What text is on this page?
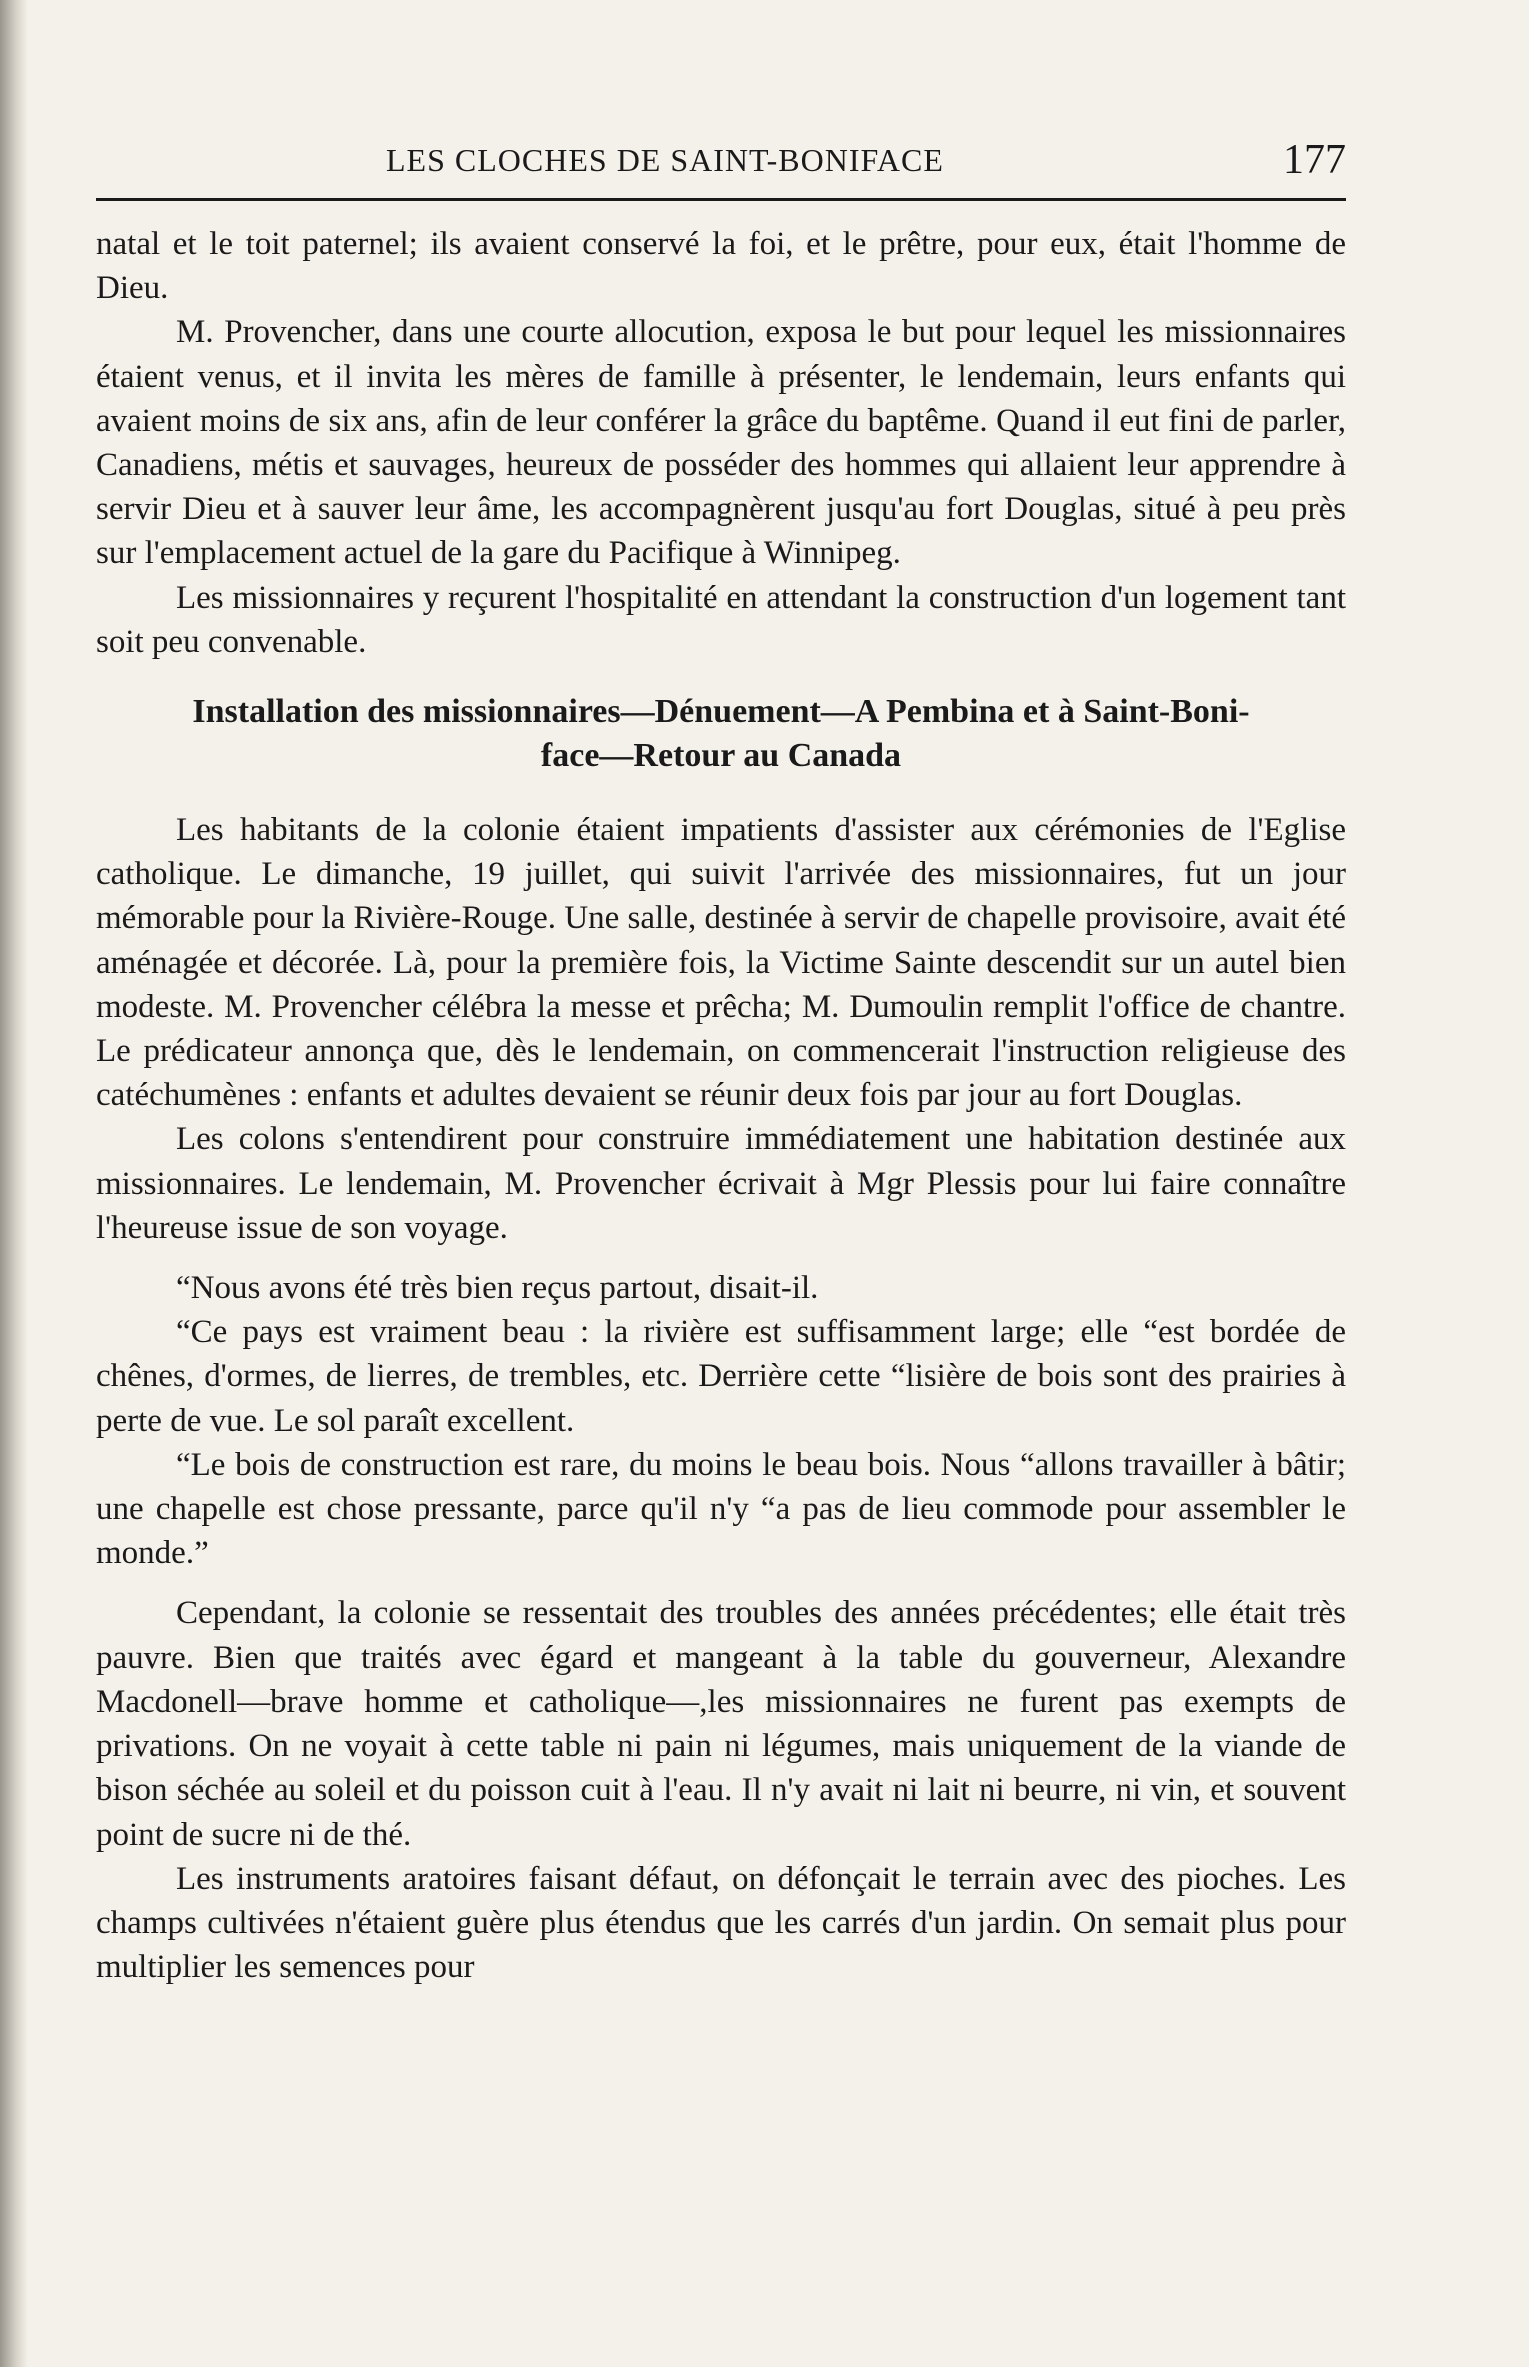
LES CLOCHES DE SAINT-BONIFACE	177

natal et le toit paternel; ils avaient conservé la foi, et le prêtre, pour eux, était l'homme de Dieu.

M. Provencher, dans une courte allocution, exposa le but pour lequel les missionnaires étaient venus, et il invita les mères de famille à présenter, le lendemain, leurs enfants qui avaient moins de six ans, afin de leur conférer la grâce du baptême. Quand il eut fini de parler, Canadiens, métis et sauvages, heureux de posséder des hommes qui allaient leur apprendre à servir Dieu et à sauver leur âme, les accompagnèrent jusqu'au fort Douglas, situé à peu près sur l'emplacement actuel de la gare du Pacifique à Winnipeg.

Les missionnaires y reçurent l'hospitalité en attendant la construction d'un logement tant soit peu convenable.

Installation des missionnaires—Dénuement—A Pembina et à Saint-Boni-
face—Retour au Canada

Les habitants de la colonie étaient impatients d'assister aux cérémonies de l'Eglise catholique. Le dimanche, 19 juillet, qui suivit l'arrivée des missionnaires, fut un jour mémorable pour la Rivière-Rouge. Une salle, destinée à servir de chapelle provisoire, avait été aménagée et décorée. Là, pour la première fois, la Victime Sainte descendit sur un autel bien modeste. M. Provencher célébra la messe et prêcha; M. Dumoulin remplit l'office de chantre. Le prédicateur annonça que, dès le lendemain, on commencerait l'instruction religieuse des catéchumènes : enfants et adultes devaient se réunir deux fois par jour au fort Douglas.

Les colons s'entendirent pour construire immédiatement une habitation destinée aux missionnaires. Le lendemain, M. Provencher écrivait à Mgr Plessis pour lui faire connaître l'heureuse issue de son voyage.

“Nous avons été très bien reçus partout, disait-il.

“Ce pays est vraiment beau : la rivière est suffisamment large; elle “est bordée de chênes, d'ormes, de lierres, de trembles, etc. Derrière cette “lisière de bois sont des prairies à perte de vue. Le sol paraît excellent.

“Le bois de construction est rare, du moins le beau bois. Nous “allons travailler à bâtir; une chapelle est chose pressante, parce qu'il n'y “a pas de lieu commode pour assembler le monde.”

Cependant, la colonie se ressentait des troubles des années précédentes; elle était très pauvre. Bien que traités avec égard et mangeant à la table du gouverneur, Alexandre Macdonell—brave homme et catholique—,les missionnaires ne furent pas exempts de privations. On ne voyait à cette table ni pain ni légumes, mais uniquement de la viande de bison séchée au soleil et du poisson cuit à l'eau. Il n'y avait ni lait ni beurre, ni vin, et souvent point de sucre ni de thé.

Les instruments aratoires faisant défaut, on défonçait le terrain avec des pioches. Les champs cultivées n'étaient guère plus étendus que les carrés d'un jardin. On semait plus pour multiplier les semences pour
